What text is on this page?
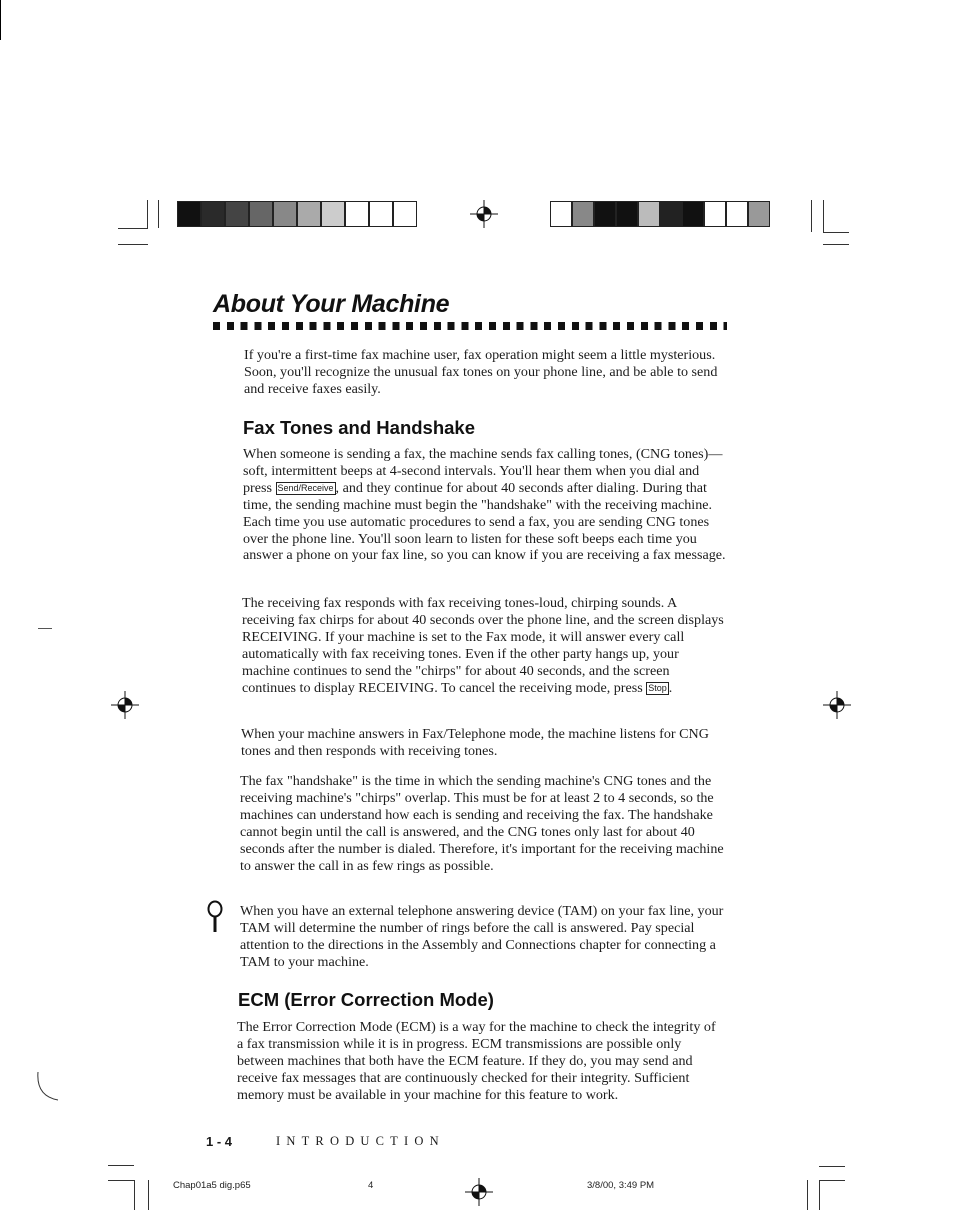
About Your Machine

If you're a first-time fax machine user, fax operation might seem a little mysterious. Soon, you'll recognize the unusual fax tones on your phone line, and be able to send and receive faxes easily.

Fax Tones and Handshake

When someone is sending a fax, the machine sends fax calling tones, (CNG tones)—soft, intermittent beeps at 4-second intervals. You'll hear them when you dial and press Send/Receive , and they continue for about 40 seconds after dialing. During that time, the sending machine must begin the "handshake" with the receiving machine. Each time you use automatic procedures to send a fax, you are sending CNG tones over the phone line. You'll soon learn to listen for these soft beeps each time you answer a phone on your fax line, so you can know if you are receiving a fax message.

The receiving fax responds with fax receiving tones-loud, chirping sounds. A receiving fax chirps for about 40 seconds over the phone line, and the screen displays RECEIVING. If your machine is set to the Fax mode, it will answer every call automatically with fax receiving tones. Even if the other party hangs up, your machine continues to send the "chirps" for about 40 seconds, and the screen continues to display RECEIVING. To cancel the receiving mode, press Stop .

When your machine answers in Fax/Telephone mode, the machine listens for CNG tones and then responds with receiving tones.

The fax "handshake" is the time in which the sending machine's CNG tones and the receiving machine's "chirps" overlap. This must be for at least 2 to 4 seconds, so the machines can understand how each is sending and receiving the fax. The handshake cannot begin until the call is answered, and the CNG tones only last for about 40 seconds after the number is dialed. Therefore, it's important for the receiving machine to answer the call in as few rings as possible.

When you have an external telephone answering device (TAM) on your fax line, your TAM will determine the number of rings before the call is answered. Pay special attention to the directions in the Assembly and Connections chapter for connecting a TAM to your machine.

ECM (Error Correction Mode)

The Error Correction Mode (ECM) is a way for the machine to check the integrity of a fax transmission while it is in progress. ECM transmissions are possible only between machines that both have the ECM feature. If they do, you may send and receive fax messages that are continuously checked for their integrity. Sufficient memory must be available in your machine for this feature to work.

1 - 4	INTRODUCTION
Chap01a5 dig.p65	4	3/8/00, 3:49 PM
